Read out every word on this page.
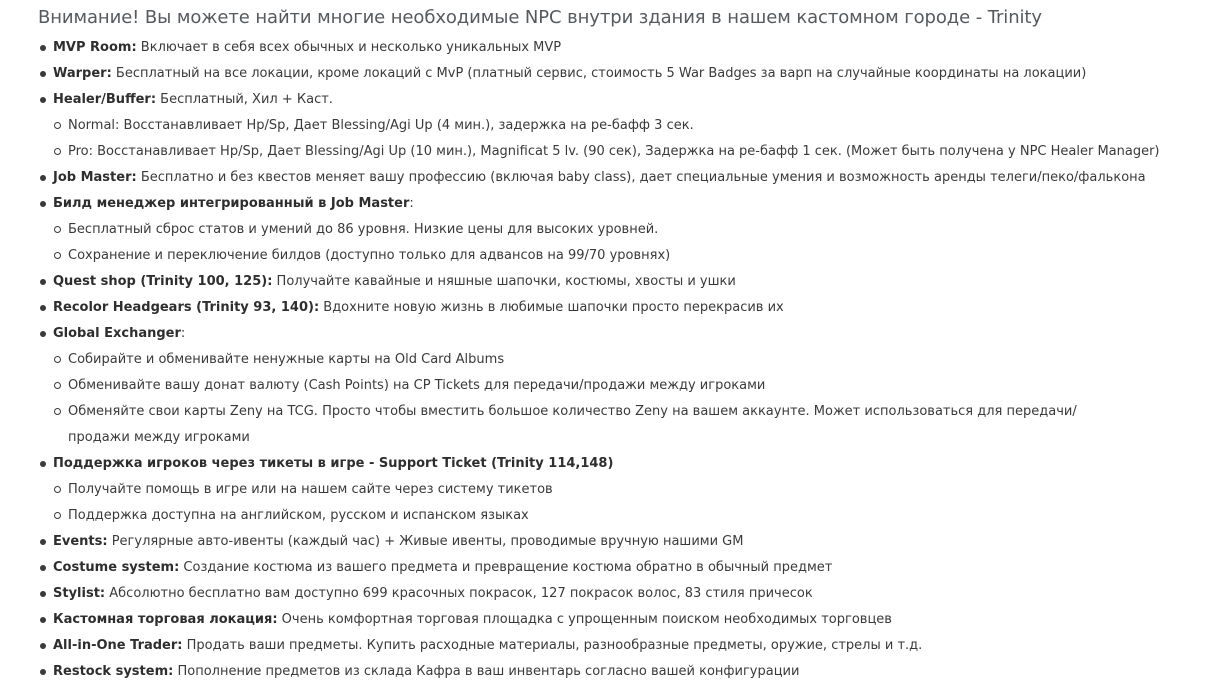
Внимание! Вы можете найти многие необходимые NPC внутри здания в нашем кастомном городе - Trinity
MVP Room: Включает в себя всех обычных и несколько уникальных MVP
Warper: Бесплатный на все локации, кроме локаций с MvP (платный сервис, стоимость 5 War Badges за варп на случайные координаты на локации)
Healer/Buffer: Бесплатный, Хил + Каст.
Normal: Восстанавливает Hp/Sp, Дает Blessing/Agi Up (4 мин.), задержка на ре-бафф 3 сек.
Pro: Восстанавливает Hp/Sp, Дает Blessing/Agi Up (10 мин.), Magnificat 5 lv. (90 сек), Задержка на ре-бафф 1 сек. (Может быть получена у NPC Healer Manager)
Job Master: Бесплатно и без квестов меняет вашу профессию (включая baby class), дает специальные умения и возможность аренды телеги/пеко/фалькона
Билд менеджер интегрированный в Job Master:
Бесплатный сброс статов и умений до 86 уровня. Низкие цены для высоких уровней.
Сохранение и переключение билдов (доступно только для адвансов на 99/70 уровнях)
Quest shop (Trinity 100, 125): Получайте кавайные и няшные шапочки, костюмы, хвосты и ушки
Recolor Headgears (Trinity 93, 140): Вдохните новую жизнь в любимые шапочки просто перекрасив их
Global Exchanger:
Собирайте и обменивайте ненужные карты на Old Card Albums
Обменивайте вашу донат валюту (Cash Points) на CP Tickets для передачи/продажи между игроками
Обменяйте свои карты Zeny на TCG. Просто чтобы вместить большое количество Zeny на вашем аккаунте. Может использоваться для передачи/продажи между игроками
Поддержка игроков через тикеты в игре - Support Ticket (Trinity 114,148)
Получайте помощь в игре или на нашем сайте через систему тикетов
Поддержка доступна на английском, русском и испанском языках
Events: Регулярные авто-ивенты (каждый час) + Живые ивенты, проводимые вручную нашими GM
Costume system: Создание костюма из вашего предмета и превращение костюма обратно в обычный предмет
Stylist: Абсолютно бесплатно вам доступно 699 красочных покрасок, 127 покрасок волос, 83 стиля причесок
Кастомная торговая локация: Очень комфортная торговая площадка с упрощенным поиском необходимых торговцев
All-in-One Trader: Продать ваши предметы. Купить расходные материалы, разнообразные предметы, оружие, стрелы и т.д.
Restock system: Пополнение предметов из склада Кафра в ваш инвентарь согласно вашей конфигурации
